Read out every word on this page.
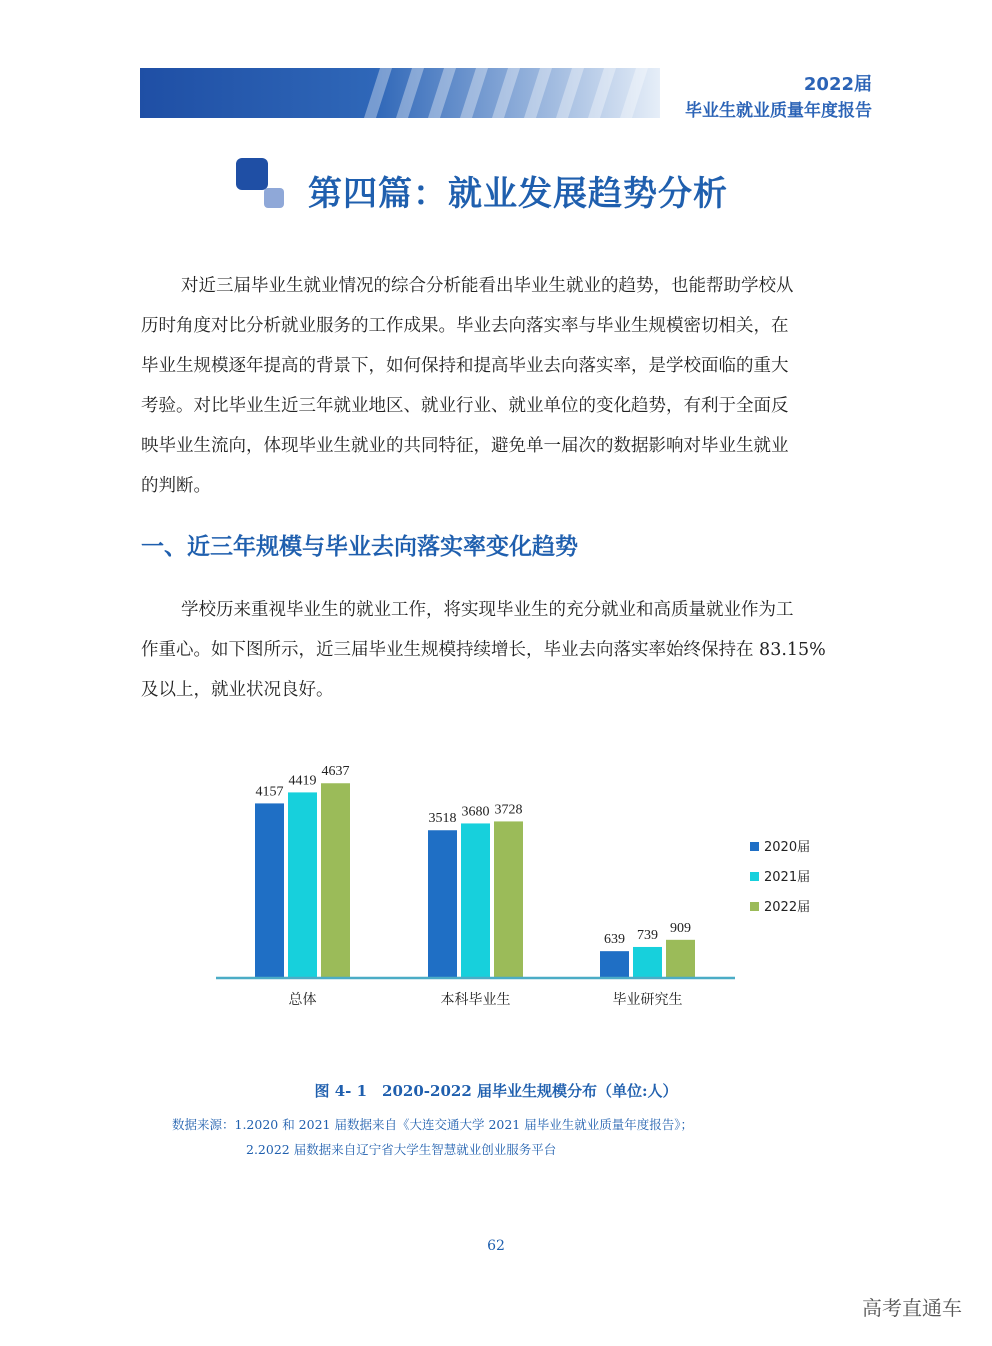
2022届
毕业生就业质量年度报告
第四篇：就业发展趋势分析
对近三届毕业生就业情况的综合分析能看出毕业生就业的趋势，也能帮助学校从
历时角度对比分析就业服务的工作成果。毕业去向落实率与毕业生规模密切相关，在
毕业生规模逐年提高的背景下，如何保持和提高毕业去向落实率，是学校面临的重大
考验。对比毕业生近三年就业地区、就业行业、就业单位的变化趋势，有利于全面反
映毕业生流向，体现毕业生就业的共同特征，避免单一届次的数据影响对毕业生就业
的判断。
一、近三年规模与毕业去向落实率变化趋势
学校历来重视毕业生的就业工作，将实现毕业生的充分就业和高质量就业作为工
作重心。如下图所示，近三届毕业生规模持续增长，毕业去向落实率始终保持在 83.15%
及以上，就业状况良好。
4157
4419
4637
总体
3518 3680 3728
本科毕业生
639 739 909
毕业研究生
2020届
2021届
2022届
图 4- 1　2020-2022 届毕业生规模分布（单位:人）
数据来源：1.2020 和 2021 届数据来自《大连交通大学 2021 届毕业生就业质量年度报告》；
2.2022 届数据来自辽宁省大学生智慧就业创业服务平台
62
高考直通车
